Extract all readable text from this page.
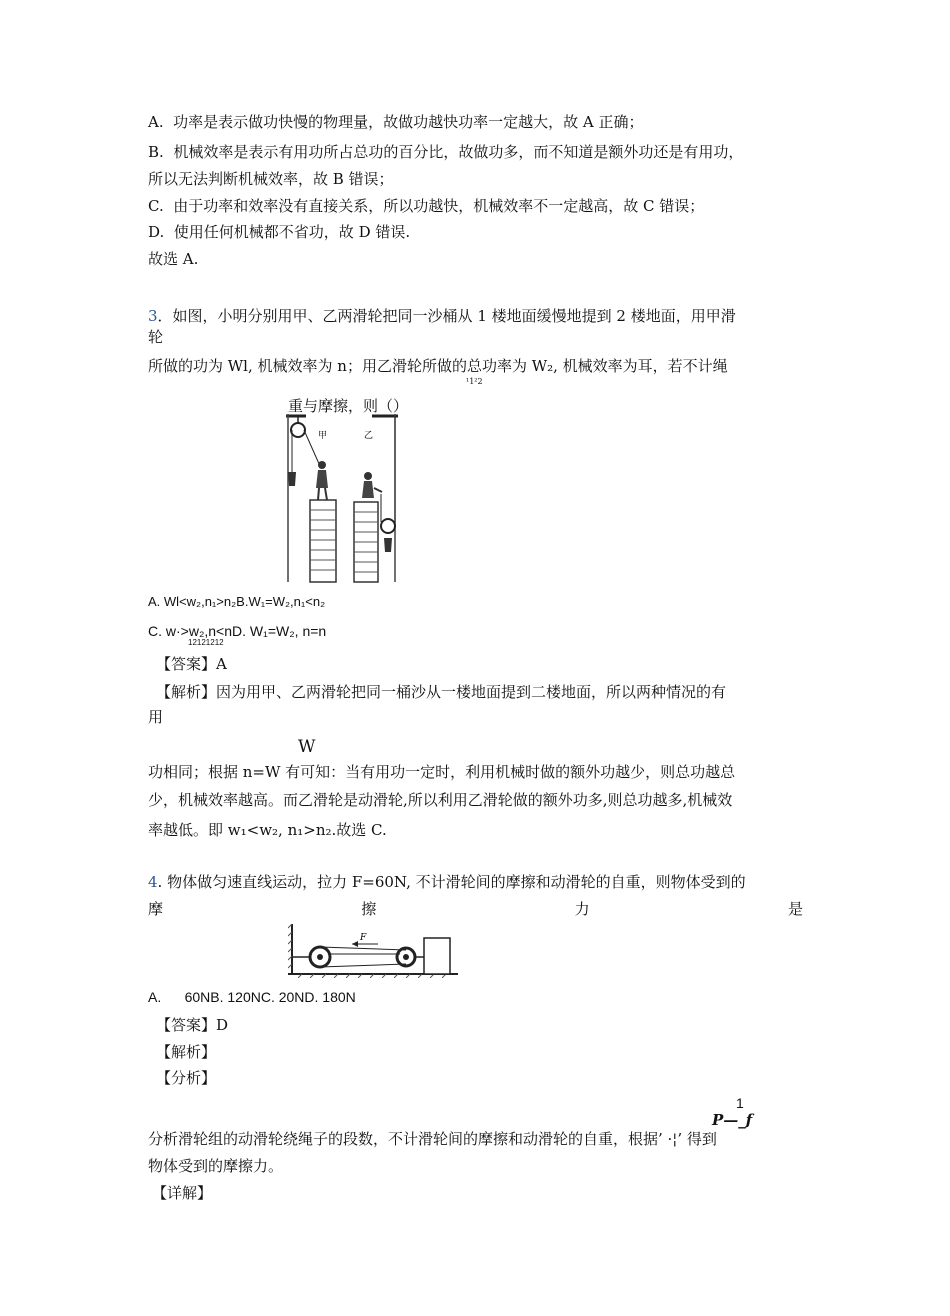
A.  功率是表示做功快慢的物理量，故做功越快功率一定越大，故 A 正确；
B.  机械效率是表示有用功所占总功的百分比，故做功多，而不知道是额外功还是有用功，
所以无法判断机械效率，故 B 错误；
C.  由于功率和效率没有直接关系，所以功越快，机械效率不一定越高，故 C 错误；
D.  使用任何机械都不省功，故 D 错误.
故选 A.
3．如图，小明分别用甲、乙两滑轮把同一沙桶从 1 楼地面缓慢地提到 2 楼地面，用甲滑
轮
所做的功为 Wl, 机械效率为 n；用乙滑轮所做的总功率为 W₂, 机械效率为耳，若不计绳
¹1²2
重与摩擦，则（）
甲	乙
A. Wl<w₂,n₁>n₂B.W₁=W₂,n₁<n₂
C. w·>w₂,n<nD. W₁=W₂, n=n
12121212
【答案】A
【解析】因为用甲、乙两滑轮把同一桶沙从一楼地面提到二楼地面，所以两种情况的有
用
W
功相同；根据 n=W 有可知：当有用功一定时，利用机械时做的额外功越少，则总功越总
少，机械效率越高。而乙滑轮是动滑轮,所以利用乙滑轮做的额外功多,则总功越多,机械效
率越低。即 w₁<w₂, n₁>n₂.故选 C.
4. 物体做匀速直线运动，拉力 F=60N, 不计滑轮间的摩擦和动滑轮的自重，则物体受到的
摩	擦	力	是
F
A.      60NB. 120NC. 20ND. 180N
【答案】D
【解析】
【分析】
1
P—_f
分析滑轮组的动滑轮绕绳子的段数，不计滑轮间的摩擦和动滑轮的自重，根据’ ·¦’ 得到
物体受到的摩擦力。
【详解】
